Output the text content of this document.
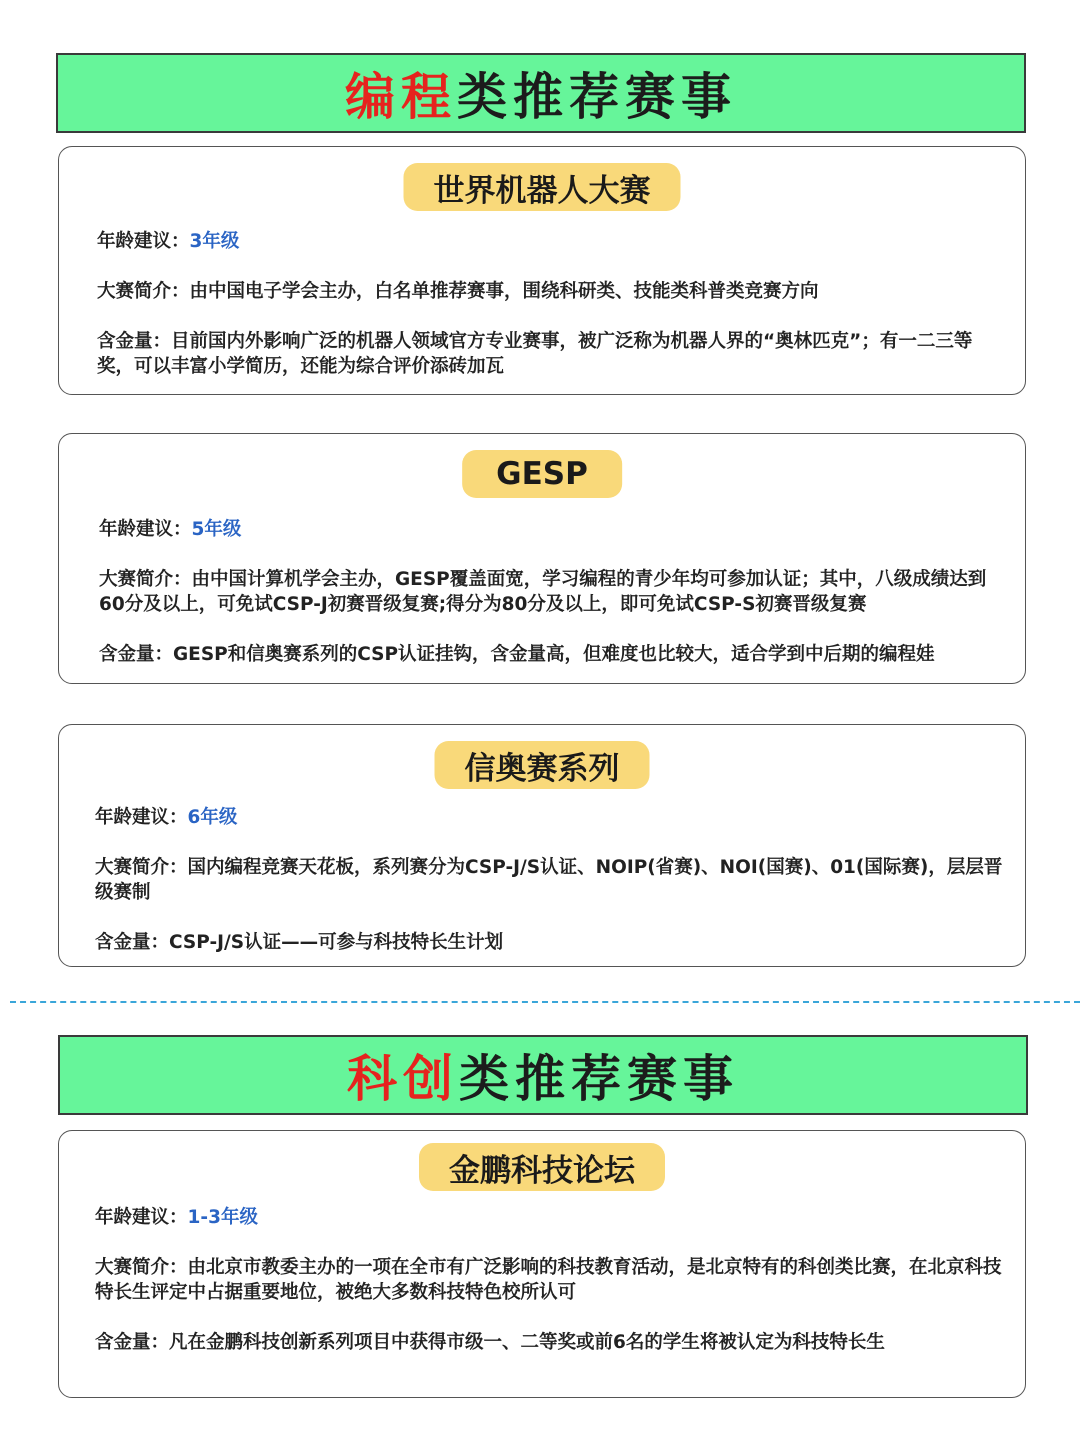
编程类推荐赛事
世界机器人大赛
年龄建议：3年级
大赛简介：由中国电子学会主办，白名单推荐赛事，围绕科研类、技能类科普类竞赛方向
含金量：目前国内外影响广泛的机器人领域官方专业赛事，被广泛称为机器人界的“奥林匹克”；有一二三等奖，可以丰富小学简历，还能为综合评价添砖加瓦
GESP
年龄建议：5年级
大赛简介：由中国计算机学会主办，GESP覆盖面宽，学习编程的青少年均可参加认证；其中，八级成绩达到60分及以上，可免试CSP-J初赛晋级复赛;得分为80分及以上，即可免试CSP-S初赛晋级复赛
含金量：GESP和信奥赛系列的CSP认证挂钩，含金量高，但难度也比较大，适合学到中后期的编程娃
信奥赛系列
年龄建议：6年级
大赛简介：国内编程竞赛天花板，系列赛分为CSP-J/S认证、NOIP(省赛)、NOI(国赛)、01(国际赛)，层层晋级赛制
含金量：CSP-J/S认证——可参与科技特长生计划
科创类推荐赛事
金鹏科技论坛
年龄建议：1-3年级
大赛简介：由北京市教委主办的一项在全市有广泛影响的科技教育活动，是北京特有的科创类比赛，在北京科技特长生评定中占据重要地位，被绝大多数科技特色校所认可
含金量：凡在金鹏科技创新系列项目中获得市级一、二等奖或前6名的学生将被认定为科技特长生
